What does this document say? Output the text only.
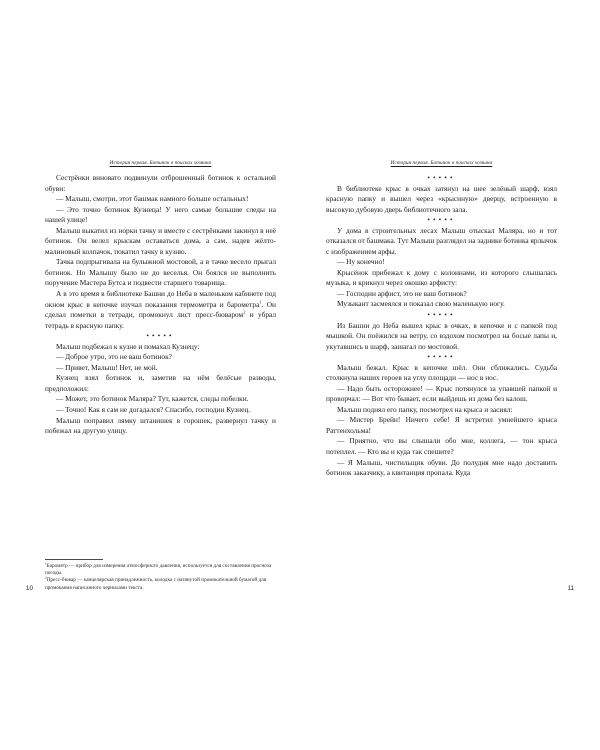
История первая. Ботинок в поисках хозяина

Сестрёнки виновато подвинули отброшенный ботинок к остальной обуви:

— Малыш, смотри, этот башмак намного больше остальных!

— Это точно ботинок Кузнеца! У него самые большие следы на нашей улице!

Малыш выкатил из норки тачку и вместе с сестрёнками закинул в неё ботинок. Он велел крыскам оставаться дома, а сам, надев жёлто-малиновый колпачок, покатил тачку в кузню.

Тачка подпрыгивала на булыжной мостовой, а в тачке весело прыгал ботинок. Но Малышу было не до веселья. Он боялся не выполнить поручение Мастера Бутса и подвести старшего товарища.

А в это время в библиотеке Башни до Неба в маленьком кабинете под окном крыс в кепочке изучал показания термометра и барометра$^1$. Он сделал пометки в тетради, промокнул лист пресс-бюваром$^2$ и убрал тетрадь в красную папку.

•••••

Малыш подбежал к кузне и помахал Кузнецу:

— Доброе утро, это не ваш ботинок?

— Привет, Малыш! Нет, не мой.

Кузнец взял ботинок и, заметив на нём белёсые разводы, предположил:

— Может, это ботинок Маляра? Тут, кажется, следы побелки.

— Точно! Как я сам не догадался? Спасибо, господин Кузнец.

Малыш поправил лямку штанишек в горошек, развернул тачку и побежал на другую улицу.

$^1$Барометр — прибор для измерения атмосферного давления, используется для составления прогноза погоды.

$^2$Пресс-бювар — канцелярская принадлежность, колодка с натянутой промокательной бумагой для промокания написанного чернилами текста.

10
История первая. Ботинок в поисках хозяина

•••••

В библиотеке крыс в очках затянул на шее зелёный шарф, взял красную папку и вышел через «крысиную» дверцу, встроенную в высокую дубовую дверь библиотечного зала.

•••••

У дома в строительных лесах Малыш отыскал Маляра, но и тот отказался от башмака. Тут Малыш разглядел на заднике ботинка ярлычок с изображением арфы.

— Ну конечно!

Крысёнок прибежал к дому с колоннами, из которого слышалась музыка, и крикнул через окошко арфисту:

— Господин арфист, это не ваш ботинок?

Музыкант засмеялся и показал свою маленькую ногу.

•••••

Из Башни до Неба вышел крыс в очках, в кепочке и с папкой под мышкой. Он поёжился на ветру, со вздохом посмотрел на босые лапы и, укутавшись в шарф, зашагал по мостовой.

•••••

Малыш бежал. Крыс в кепочке шёл. Они сближались. Судьба столкнула наших героев на углу площади — нос в нос.

— Надо быть осторожнее! — Крыс потянулся за упавшей папкой и проворчал: — Вот что бывает, если выйдешь из дома без калош.

Малыш поднял его папку, посмотрел на крыса и засиял:

— Мистер Брейн! Ничего себе! Я встретил умнейшего крыса Раттенхольма!

— Приятно, что вы слышали обо мне, коллега, — тон крыса потеплел. — Кто вы и куда так спешите?

— Я Малыш, чистильщик обуви. До полудня мне надо доставить ботинок заказчику, а квитанция пропала. Куда

11
